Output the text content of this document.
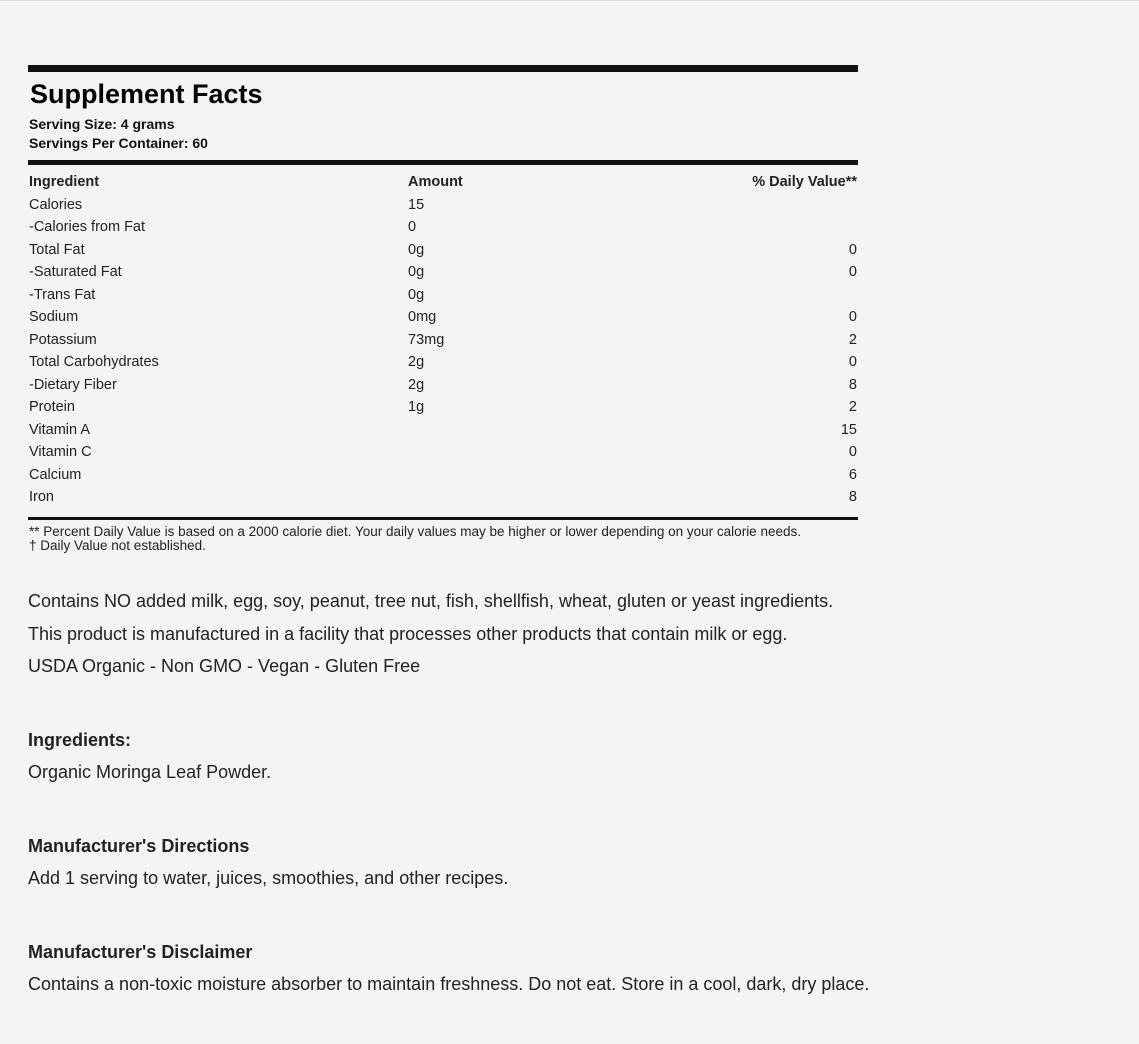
Supplement Facts
Serving Size: 4 grams
Servings Per Container: 60
Ingredient	Amount	% Daily Value**
Calories	15	
-Calories from Fat	0	
Total Fat	0g	0
-Saturated Fat	0g	0
-Trans Fat	0g	
Sodium	0mg	0
Potassium	73mg	2
Total Carbohydrates	2g	0
-Dietary Fiber	2g	8
Protein	1g	2
Vitamin A		15
Vitamin C		0
Calcium		6
Iron		8
** Percent Daily Value is based on a 2000 calorie diet. Your daily values may be higher or lower depending on your calorie needs.
† Daily Value not established.

Contains NO added milk, egg, soy, peanut, tree nut, fish, shellfish, wheat, gluten or yeast ingredients.

This product is manufactured in a facility that processes other products that contain milk or egg.

USDA Organic - Non GMO - Vegan - Gluten Free

Ingredients:

Organic Moringa Leaf Powder.

Manufacturer's Directions

Add 1 serving to water, juices, smoothies, and other recipes.

Manufacturer's Disclaimer

Contains a non-toxic moisture absorber to maintain freshness. Do not eat. Store in a cool, dark, dry place.
